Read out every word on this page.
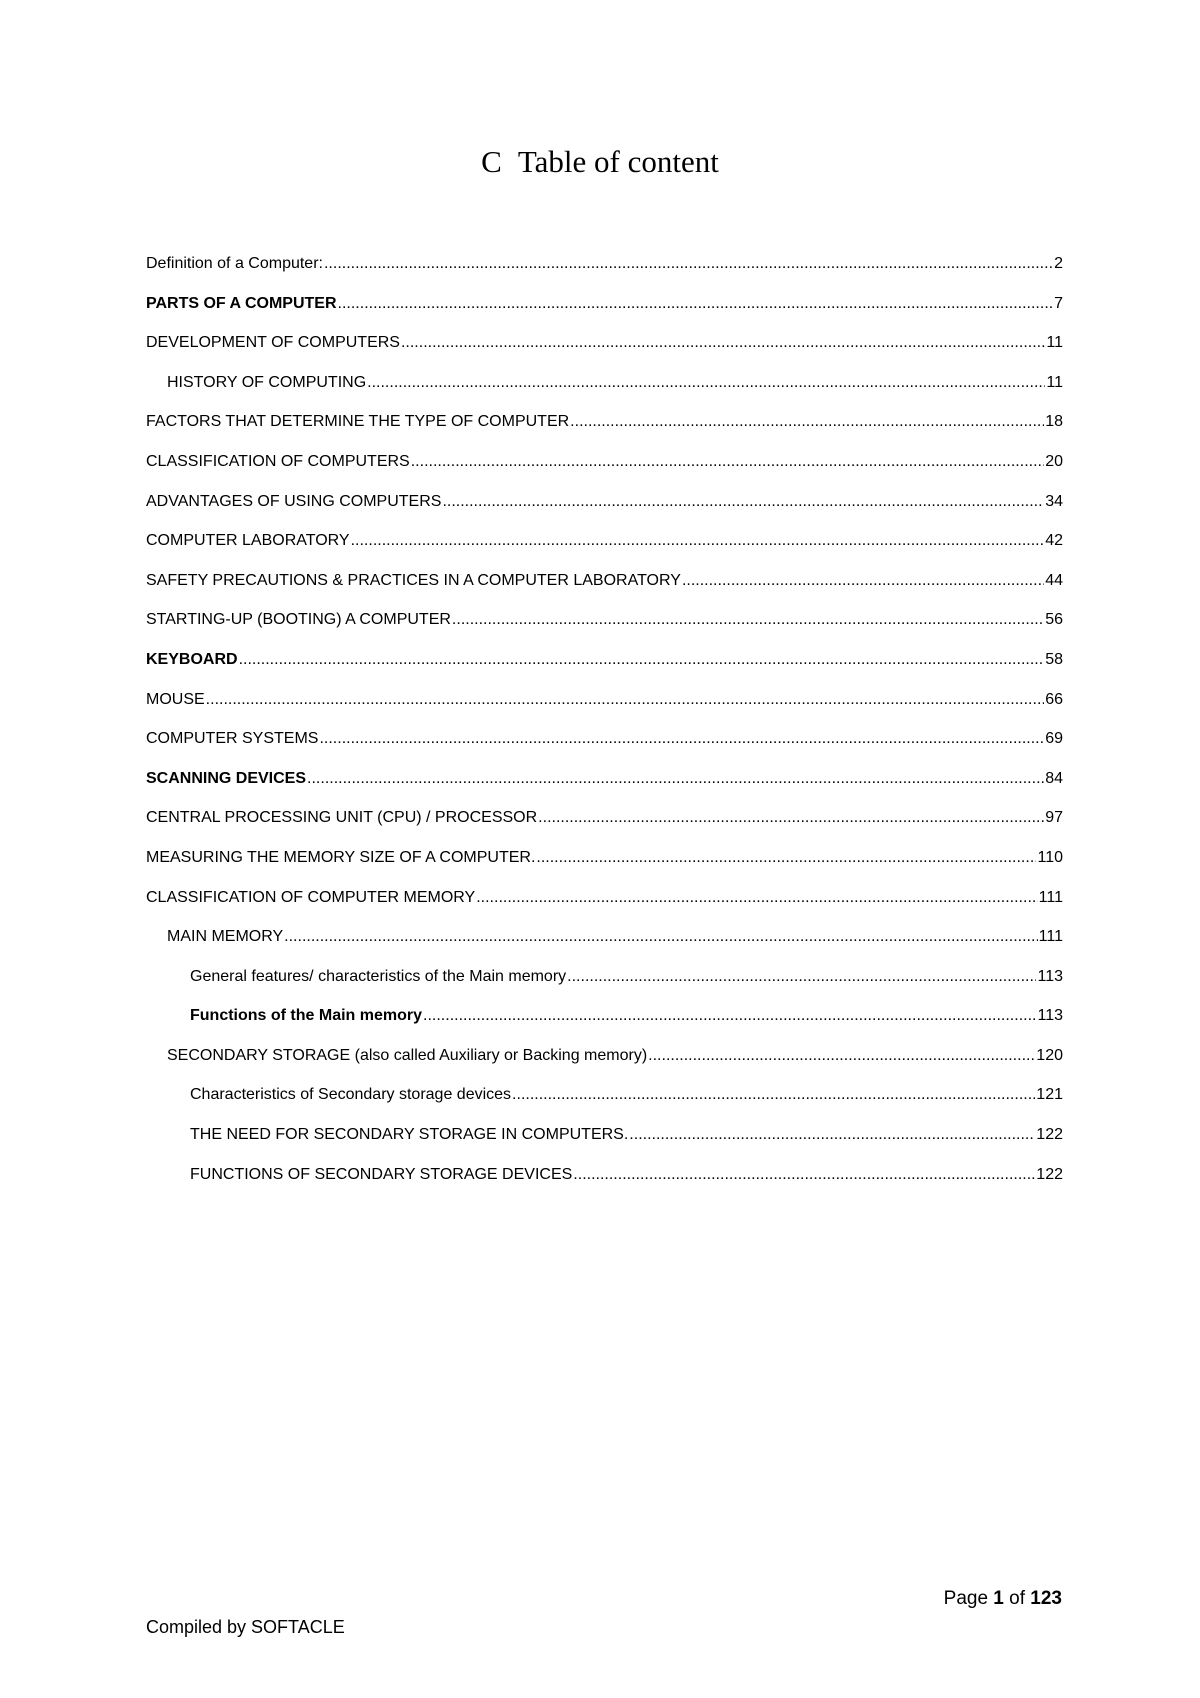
C Table of content
Definition of a Computer: .....	2
PARTS OF A COMPUTER .....	7
DEVELOPMENT OF COMPUTERS .....	11
HISTORY OF COMPUTING .....	11
FACTORS THAT DETERMINE THE TYPE OF COMPUTER .....	18
CLASSIFICATION OF COMPUTERS .....	20
ADVANTAGES OF USING COMPUTERS .....	34
COMPUTER LABORATORY .....	42
SAFETY PRECAUTIONS & PRACTICES IN A COMPUTER LABORATORY .....	44
STARTING-UP (BOOTING) A COMPUTER .....	56
KEYBOARD .....	58
MOUSE .....	66
COMPUTER SYSTEMS .....	69
SCANNING DEVICES .....	84
CENTRAL PROCESSING UNIT (CPU) / PROCESSOR .....	97
MEASURING THE MEMORY SIZE OF A COMPUTER. .....	110
CLASSIFICATION OF COMPUTER MEMORY .....	111
MAIN MEMORY .....	111
General features/ characteristics of the Main memory .....	113
Functions of the Main memory .....	113
SECONDARY STORAGE (also called Auxiliary or Backing memory) .....	120
Characteristics of Secondary storage devices .....	121
THE NEED FOR SECONDARY STORAGE IN COMPUTERS. .....	122
FUNCTIONS OF SECONDARY STORAGE DEVICES .....	122
Page 1 of 123
Compiled by SOFTACLE
